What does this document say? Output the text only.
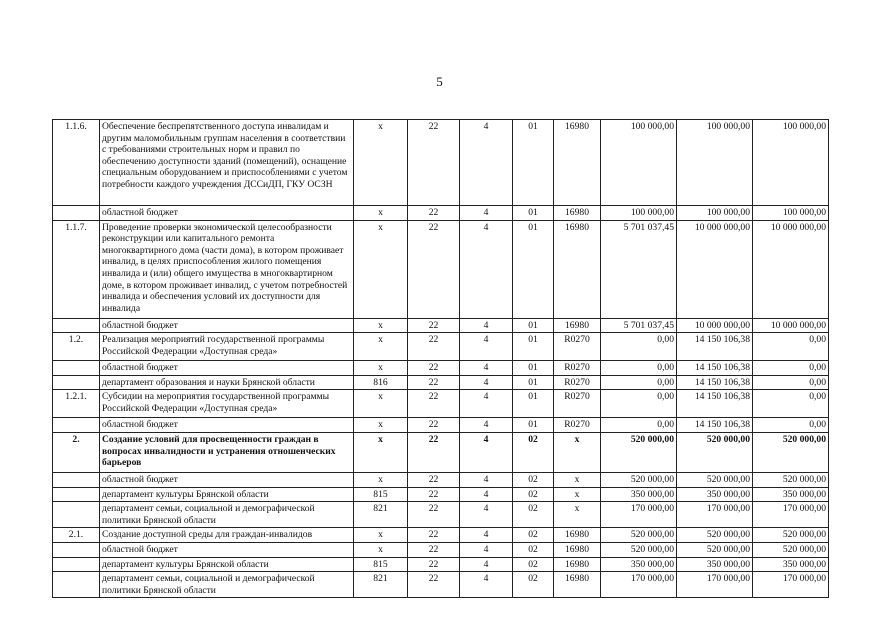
5
1.1.6.	Обеспечение беспрепятственного доступа инвалидам и другим маломобильным группам населения в соответствии с требованиями строительных норм и правил по обеспечению доступности зданий (помещений), оснащение специальным оборудованием и приспособлениями с учетом потребности каждого учреждения ДССиДП, ГКУ ОСЗН	x	22	4	01	16980	100 000,00	100 000,00	100 000,00
	областной бюджет	x	22	4	01	16980	100 000,00	100 000,00	100 000,00
1.1.7.	Проведение проверки экономической целесообразности реконструкции или капитального ремонта многоквартирного дома (части дома), в котором проживает инвалид, в целях приспособления жилого помещения инвалида и (или) общего имущества в многоквартирном доме, в котором проживает инвалид, с учетом потребностей инвалида и обеспечения условий их доступности для инвалида	x	22	4	01	16980	5 701 037,45	10 000 000,00	10 000 000,00
	областной бюджет	x	22	4	01	16980	5 701 037,45	10 000 000,00	10 000 000,00
1.2.	Реализация мероприятий государственной программы Российской Федерации «Доступная среда»	x	22	4	01	R0270	0,00	14 150 106,38	0,00
	областной бюджет	x	22	4	01	R0270	0,00	14 150 106,38	0,00
	департамент образования и науки Брянской области	816	22	4	01	R0270	0,00	14 150 106,38	0,00
1.2.1.	Субсидии на мероприятия государственной программы Российской Федерации «Доступная среда»	x	22	4	01	R0270	0,00	14 150 106,38	0,00
	областной бюджет	x	22	4	01	R0270	0,00	14 150 106,38	0,00
2.	Создание условий для просвещенности граждан в вопросах инвалидности и устранения отношенческих барьеров	x	22	4	02	x	520 000,00	520 000,00	520 000,00
	областной бюджет	x	22	4	02	x	520 000,00	520 000,00	520 000,00
	департамент культуры Брянской области	815	22	4	02	x	350 000,00	350 000,00	350 000,00
	департамент семьи, социальной и демографической политики Брянской области	821	22	4	02	x	170 000,00	170 000,00	170 000,00
2.1.	Создание доступной среды для граждан-инвалидов	x	22	4	02	16980	520 000,00	520 000,00	520 000,00
	областной бюджет	x	22	4	02	16980	520 000,00	520 000,00	520 000,00
	департамент культуры Брянской области	815	22	4	02	16980	350 000,00	350 000,00	350 000,00
	департамент семьи, социальной и демографической политики Брянской области	821	22	4	02	16980	170 000,00	170 000,00	170 000,00
